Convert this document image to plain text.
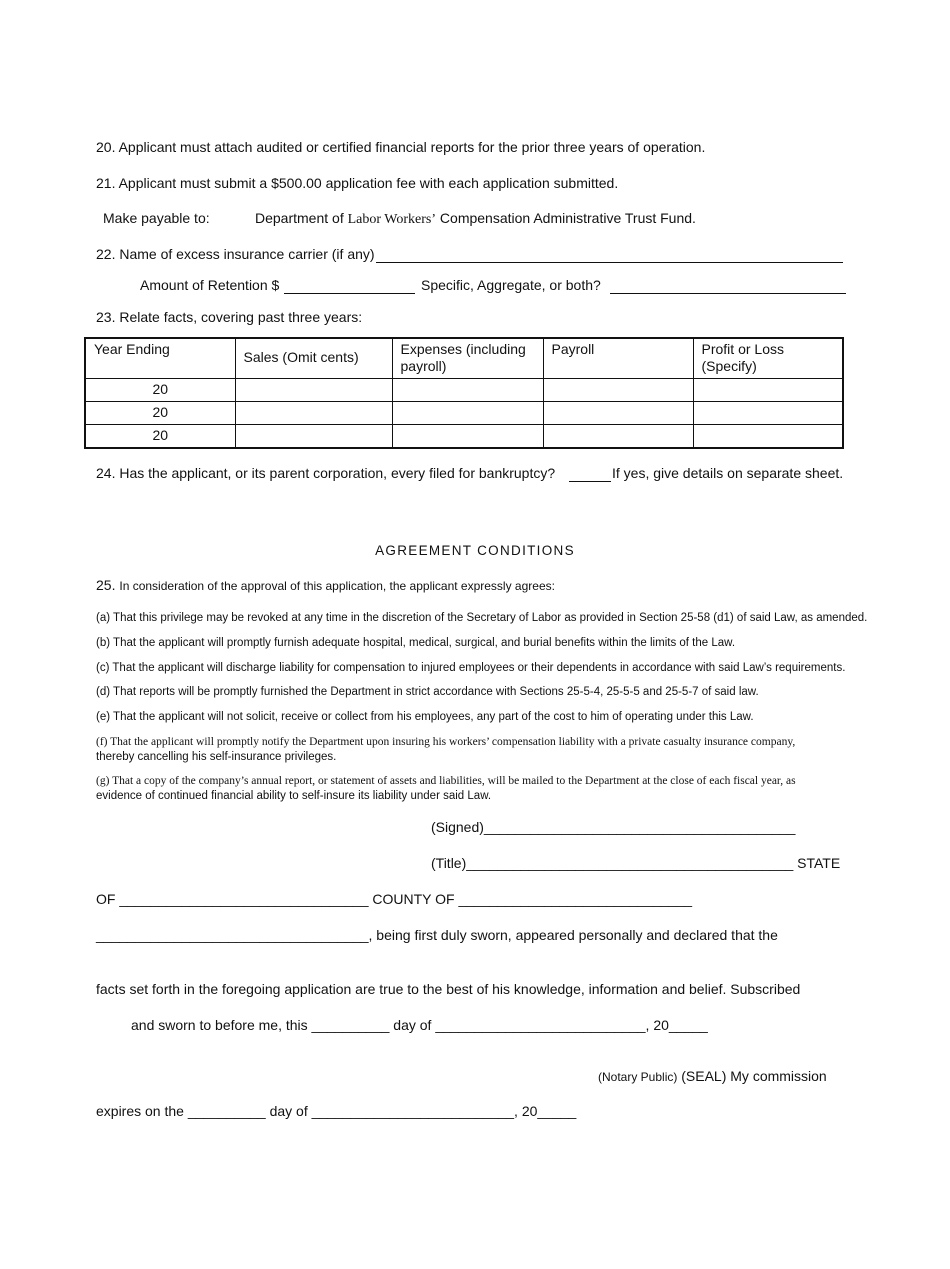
20. Applicant must attach audited or certified financial reports for the prior three years of operation.
21. Applicant must submit a $500.00 application fee with each application submitted.
Make payable to:	Department of Labor Workers’ Compensation Administrative Trust Fund.
22. Name of excess insurance carrier (if any)
Amount of Retention $	Specific, Aggregate, or both?
23. Relate facts, covering past three years:
Year Ending	Sales (Omit cents)	Expenses (including payroll)	Payroll	Profit or Loss (Specify)
20				
20				
20				
24. Has the applicant, or its parent corporation, every filed for bankruptcy?	If yes, give details on separate sheet.
AGREEMENT CONDITIONS
25. In consideration of the approval of this application, the applicant expressly agrees:
(a) That this privilege may be revoked at any time in the discretion of the Secretary of Labor as provided in Section 25-58 (d1) of said Law, as amended.
(b) That the applicant will promptly furnish adequate hospital, medical, surgical, and burial benefits within the limits of the Law.
(c) That the applicant will discharge liability for compensation to injured employees or their dependents in accordance with said Law’s requirements.
(d) That reports will be promptly furnished the Department in strict accordance with Sections 25-5-4, 25-5-5 and 25-5-7 of said law.
(e) That the applicant will not solicit, receive or collect from his employees, any part of the cost to him of operating under this Law.
(f) That the applicant will promptly notify the Department upon insuring his workers’ compensation liability with a private casualty insurance company,
thereby cancelling his self-insurance privileges.
(g) That a copy of the company’s annual report, or statement of assets and liabilities, will be mailed to the Department at the close of each fiscal year, as
evidence of continued financial ability to self-insure its liability under said Law.
(Signed)________________________________________
(Title)__________________________________________ STATE
OF ________________________________ COUNTY OF ______________________________
___________________________________, being first duly sworn, appeared personally and declared that the
facts set forth in the foregoing application are true to the best of his knowledge, information and belief. Subscribed
and sworn to before me, this __________ day of ___________________________, 20_____
(Notary Public) (SEAL) My commission
expires on the __________ day of __________________________, 20_____
